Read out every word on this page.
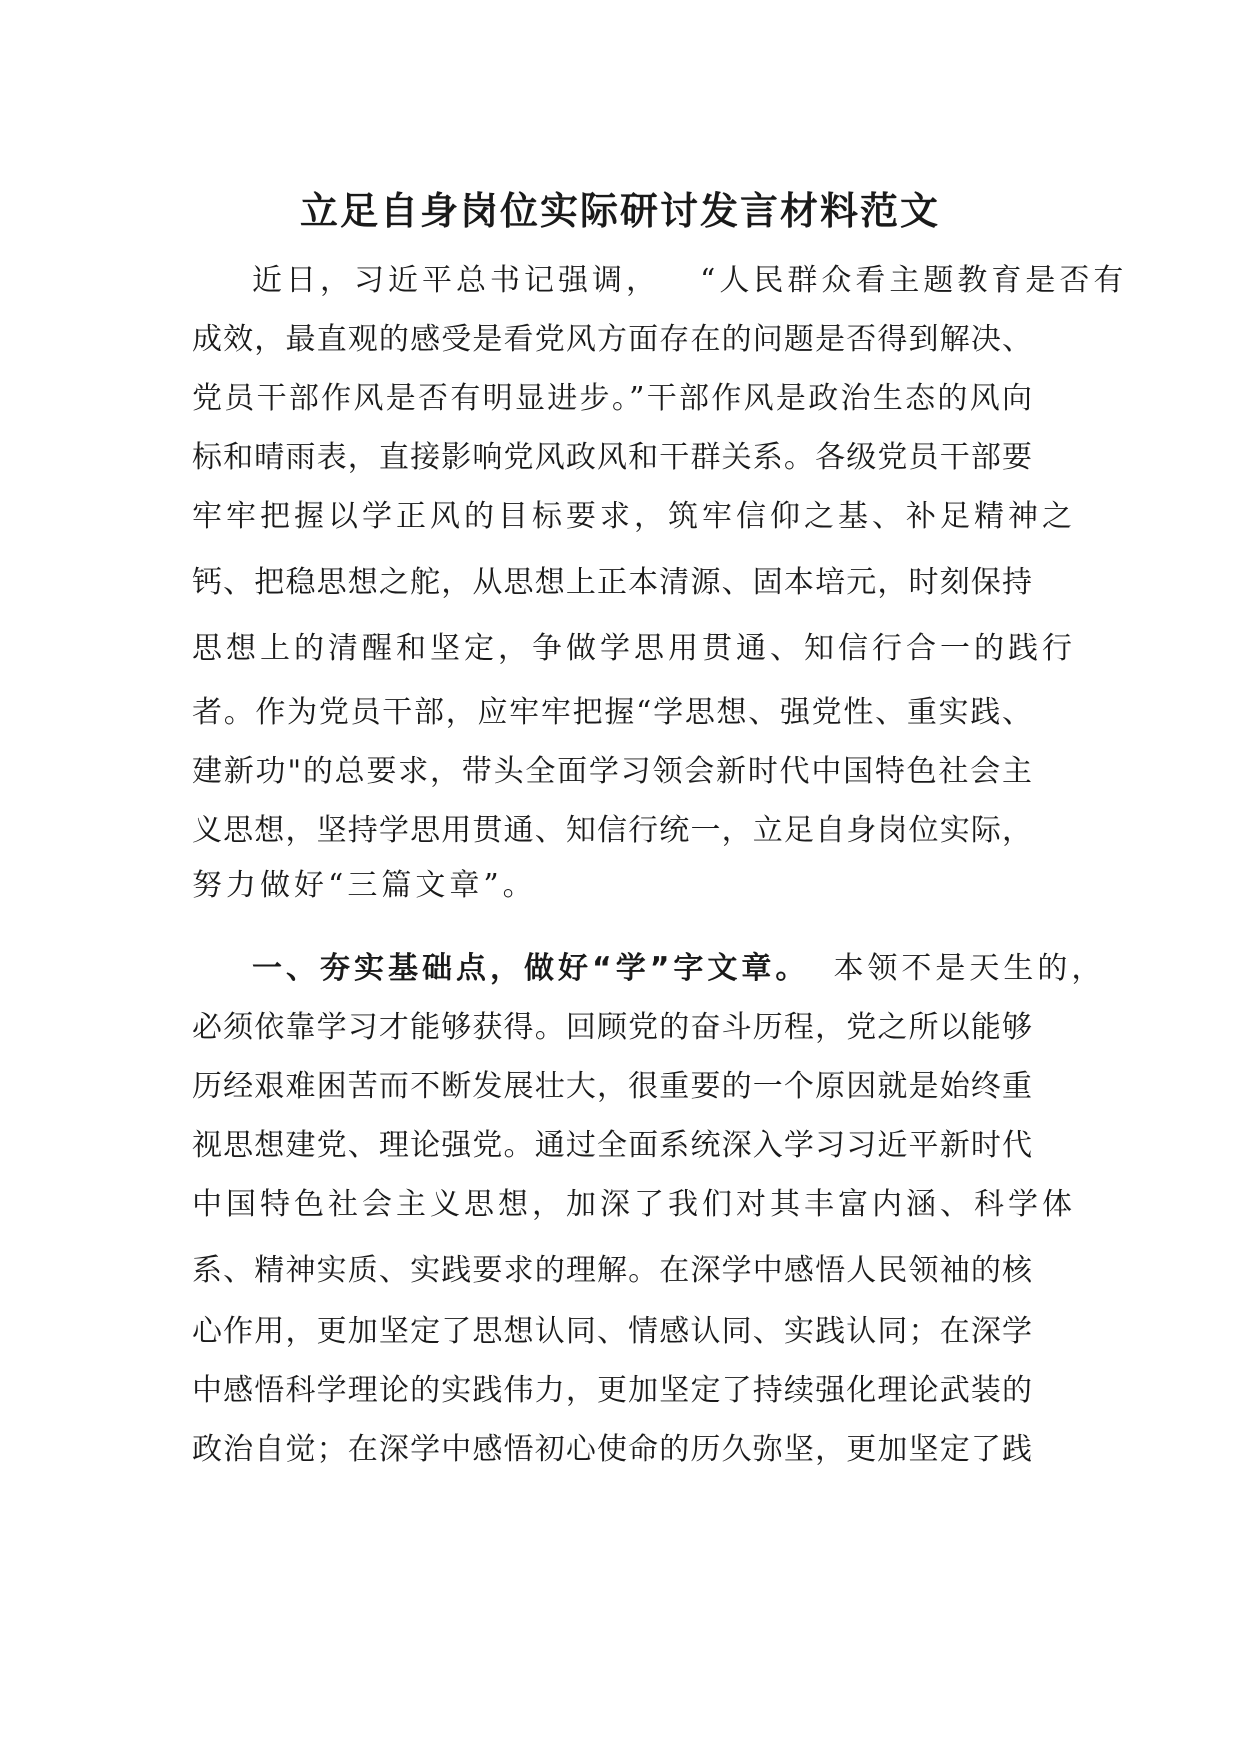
立足自身岗位实际研讨发言材料范文
近日，习近平总书记强调， “人民群众看主题教育是否有
成效，最直观的感受是看党风方面存在的问题是否得到解决、
党员干部作风是否有明显进步。”干部作风是政治生态的风向
标和晴雨表，直接影响党风政风和干群关系。各级党员干部要
牢牢把握以学正风的目标要求，筑牢信仰之基、补足精神之
钙、把稳思想之舵，从思想上正本清源、固本培元，时刻保持
思想上的清醒和坚定，争做学思用贯通、知信行合一的践行
者。作为党员干部，应牢牢把握“学思想、强党性、重实践、
建新功"的总要求，带头全面学习领会新时代中国特色社会主
义思想，坚持学思用贯通、知信行统一，立足自身岗位实际，
努力做好“三篇文章”。
一、夯实基础点，做好“学”字文章。 本领不是天生的，
必须依靠学习才能够获得。回顾党的奋斗历程，党之所以能够
历经艰难困苦而不断发展壮大，很重要的一个原因就是始终重
视思想建党、理论强党。通过全面系统深入学习习近平新时代
中国特色社会主义思想，加深了我们对其丰富内涵、科学体
系、精神实质、实践要求的理解。在深学中感悟人民领袖的核
心作用，更加坚定了思想认同、情感认同、实践认同；在深学
中感悟科学理论的实践伟力，更加坚定了持续强化理论武装的
政治自觉；在深学中感悟初心使命的历久弥坚，更加坚定了践
